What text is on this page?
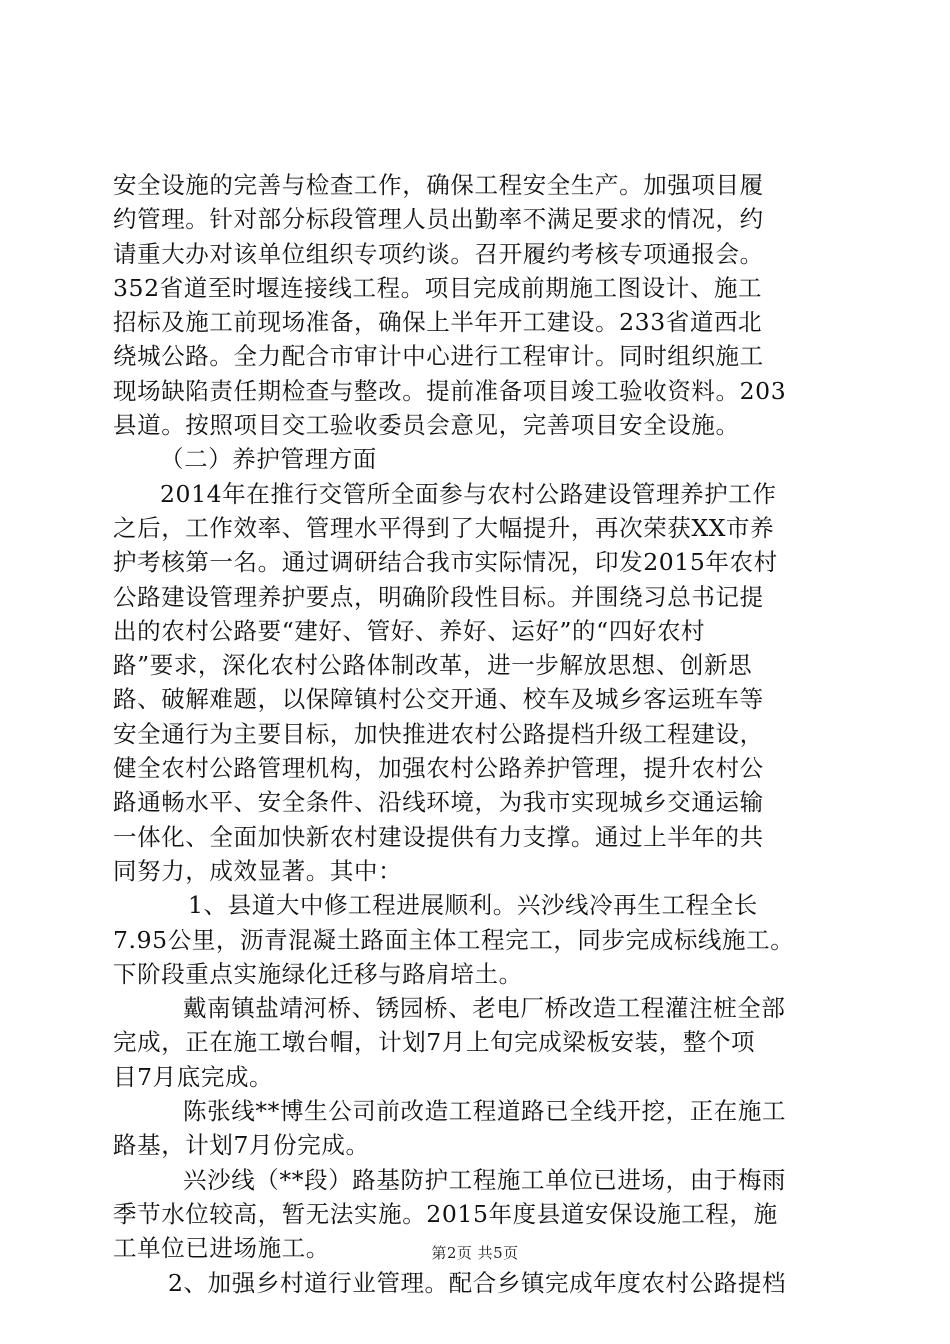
安全设施的完善与检查工作，确保工程安全生产。加强项目履
约管理。针对部分标段管理人员出勤率不满足要求的情况，约
请重大办对该单位组织专项约谈。召开履约考核专项通报会。
352省道至时堰连接线工程。项目完成前期施工图设计、施工
招标及施工前现场准备，确保上半年开工建设。233省道西北
绕城公路。全力配合市审计中心进行工程审计。同时组织施工
现场缺陷责任期检查与整改。提前准备项目竣工验收资料。203
县道。按照项目交工验收委员会意见，完善项目安全设施。
（二）养护管理方面
2014年在推行交管所全面参与农村公路建设管理养护工作
之后，工作效率、管理水平得到了大幅提升，再次荣获XX市养
护考核第一名。通过调研结合我市实际情况，印发2015年农村
公路建设管理养护要点，明确阶段性目标。并围绕习总书记提
出的农村公路要“建好、管好、养好、运好”的“四好农村
路”要求，深化农村公路体制改革，进一步解放思想、创新思
路、破解难题，以保障镇村公交开通、校车及城乡客运班车等
安全通行为主要目标，加快推进农村公路提档升级工程建设，
健全农村公路管理机构，加强农村公路养护管理，提升农村公
路通畅水平、安全条件、沿线环境，为我市实现城乡交通运输
一体化、全面加快新农村建设提供有力支撑。通过上半年的共
同努力，成效显著。其中：
1、县道大中修工程进展顺利。兴沙线冷再生工程全长
7.95公里，沥青混凝土路面主体工程完工，同步完成标线施工。
下阶段重点实施绿化迁移与路肩培土。
戴南镇盐靖河桥、锈园桥、老电厂桥改造工程灌注桩全部
完成，正在施工墩台帽，计划7月上旬完成梁板安装，整个项
目7月底完成。
陈张线**博生公司前改造工程道路已全线开挖，正在施工
路基，计划7月份完成。
兴沙线（**段）路基防护工程施工单位已进场，由于梅雨
季节水位较高，暂无法实施。2015年度县道安保设施工程，施
工单位已进场施工。
2、加强乡村道行业管理。配合乡镇完成年度农村公路提档
第2页 共5页
